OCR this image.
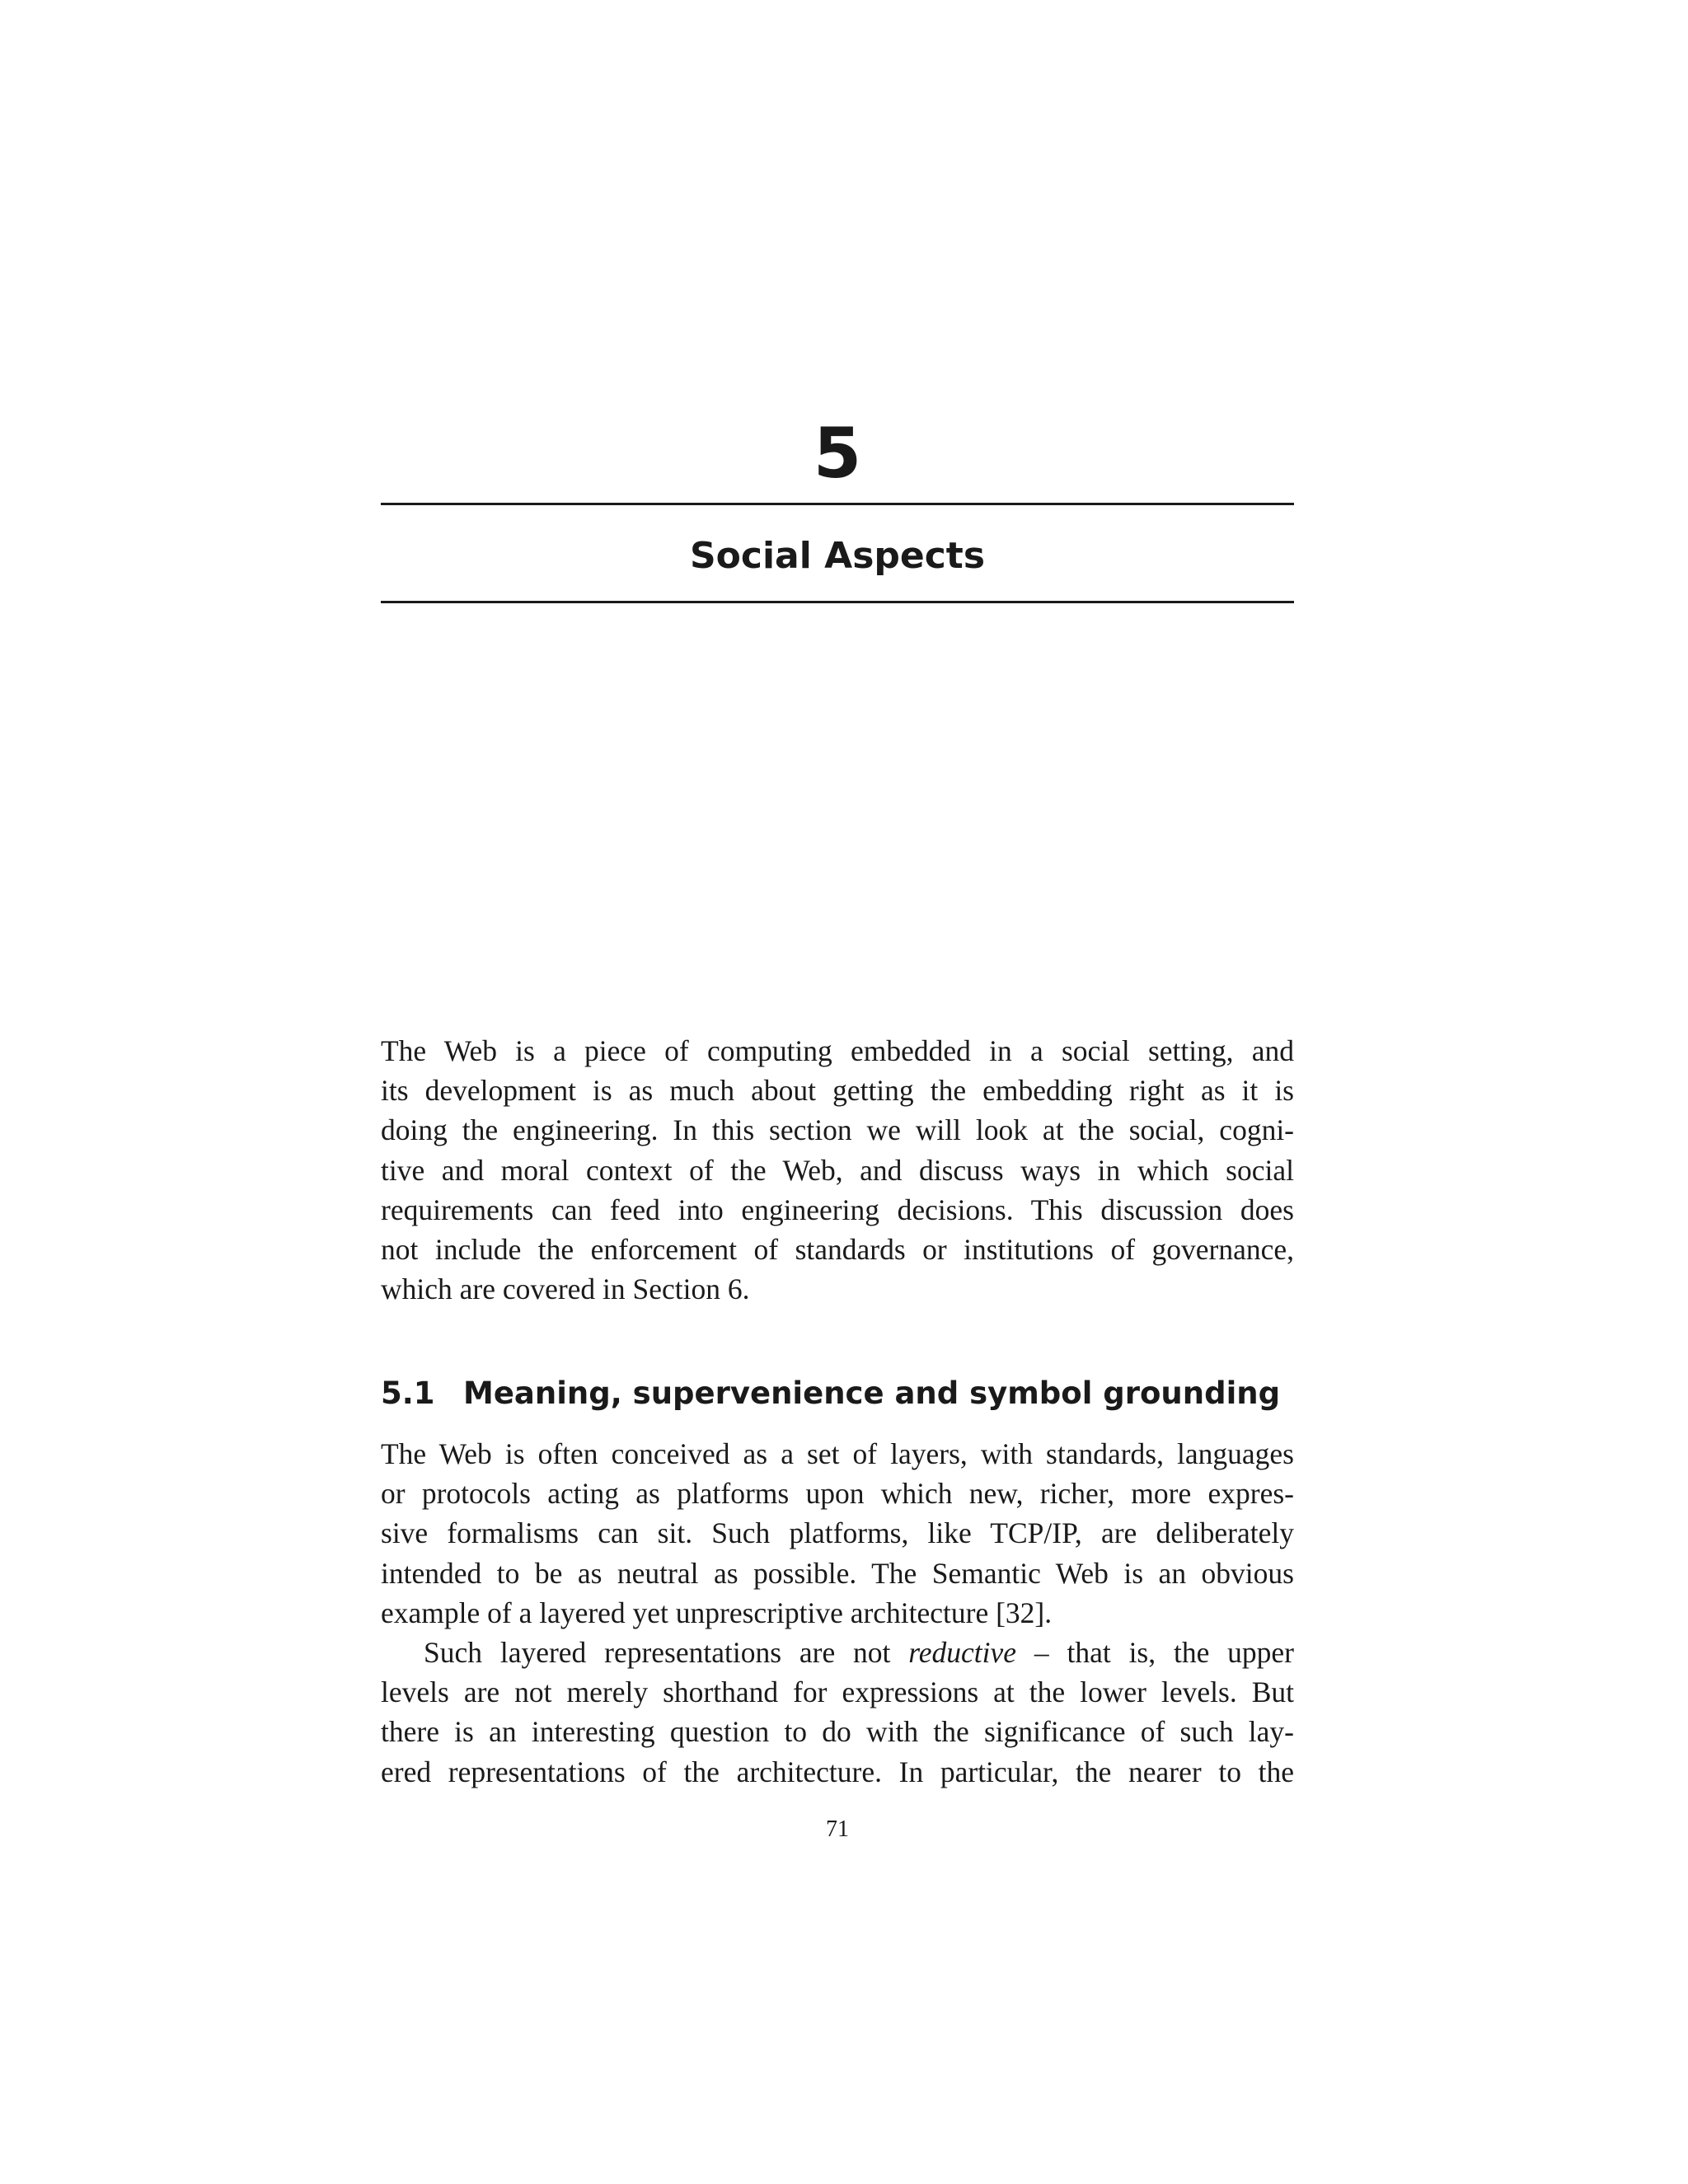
5
Social Aspects
The Web is a piece of computing embedded in a social setting, and
its development is as much about getting the embedding right as it is
doing the engineering. In this section we will look at the social, cogni-
tive and moral context of the Web, and discuss ways in which social
requirements can feed into engineering decisions. This discussion does
not include the enforcement of standards or institutions of governance,
which are covered in Section 6.
5.1 Meaning, supervenience and symbol grounding
The Web is often conceived as a set of layers, with standards, languages
or protocols acting as platforms upon which new, richer, more expres-
sive formalisms can sit. Such platforms, like TCP/IP, are deliberately
intended to be as neutral as possible. The Semantic Web is an obvious
example of a layered yet unprescriptive architecture [32].
Such layered representations are not reductive – that is, the upper
levels are not merely shorthand for expressions at the lower levels. But
there is an interesting question to do with the significance of such lay-
ered representations of the architecture. In particular, the nearer to the
71
